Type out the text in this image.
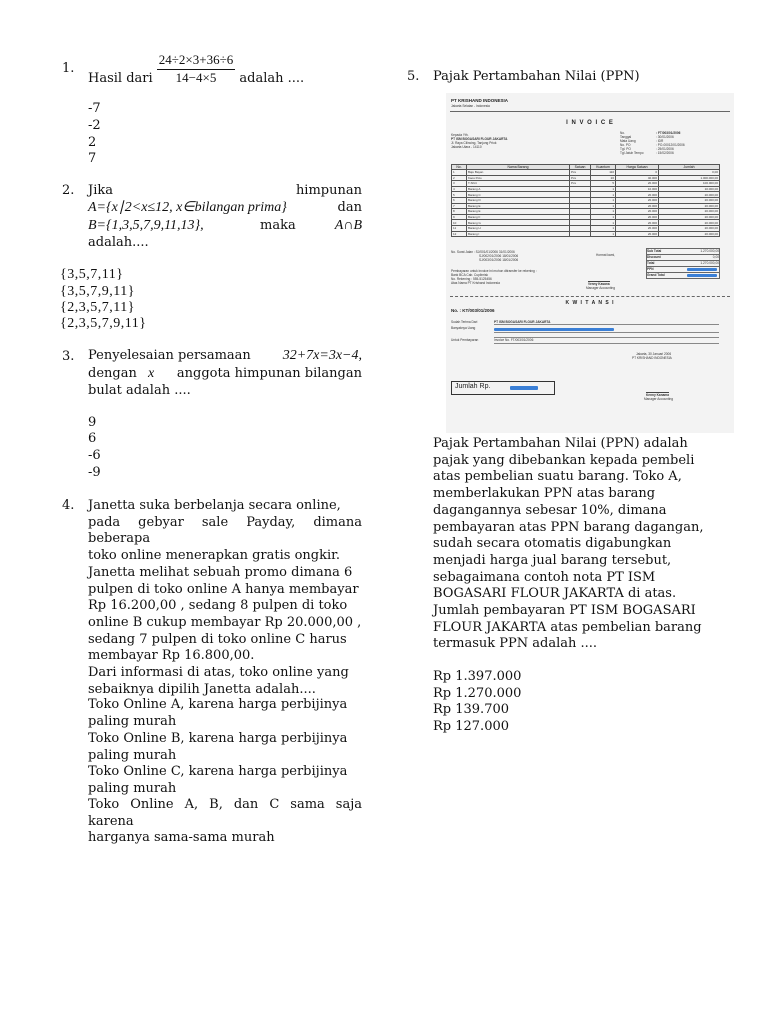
1.
Hasil dari $\frac{24\div 2\times 3+36\div 6}{14-4\times 5}$ adalah ....
-7
-2
2
7
2. Jika	himpunan
A={x∣2<x≤12, x∈bilangan prima}	dan
B={1,3,5,7,9,11,13},	maka	A∩B
adalah....
{3,5,7,11}
{3,5,7,9,11}
{2,3,5,7,11}
{2,3,5,7,9,11}
3. Penyelesaian persamaan 32+7x=3x−4,
dengan x anggota himpunan bilangan
bulat adalah ....
9
6
-6
-9
4. Janetta suka berbelanja secara online,
pada gebyar sale Payday, dimana beberapa
toko online menerapkan gratis ongkir.
Janetta melihat sebuah promo dimana 6
pulpen di toko online A hanya membayar
Rp 16.200,00 , sedang 8 pulpen di toko
online B cukup membayar Rp 20.000,00 ,
sedang 7 pulpen di toko online C harus
membayar Rp 16.800,00.
Dari informasi di atas, toko online yang
sebaiknya dipilih Janetta adalah....
Toko Online A, karena harga perbijinya
paling murah
Toko Online B, karena harga perbijinya
paling murah
Toko Online C, karena harga perbijinya
paling murah
Toko Online A, B, dan C sama saja karena
harganya sama-sama murah
5. Pajak Pertambahan Nilai (PPN)
PT KRISHAND INDONESIA
Jakarta Selatan - Indonesia
I N V O I C E
Kepada Yth.
PT ISM BOGASARI FLOUR JAKARTA
Jl. Raya Cilincing, Tanjung Priok
Jakarta Utara - 14110
No.	: FT/003/01/2006
Tanggal	: 30/01/2006
Mata Uang	: IDR
No. PO	: PO-00012/01/2006
Tgl. PO	: 25/01/2006
Tgl Jatuh Tempo	: 15/02/2006
No.	Nama Barang	Satuan	Kuantum	Harga Satuan	Jumlah
1	Baju Bayan	Pcs	110	0	0,00
2	Kaos Polo	Pcs	20	40.000	1.000.000,00
3	T-Shirt	Pcs	5	20.000	100.000,00
4	Barang A		1	10.000	10.000,00
5	Barang C		1	20.000	20.000,00
6	Barang D		1	20.000	20.000,00
7	Barang E		1	20.000	20.000,00
8	Barang E		1	20.000	20.000,00
9	Barang F		1	20.000	20.000,00
10	Barang G		1	20.000	20.000,00
11	Barang H		1	20.000	20.000,00
12	Barang I		1	20.000	20.000,00
No. Surat Jalan : SJ/001/01/2006 31/01/2006
SJ/002/01/2006 18/01/2006
SJ/003/01/2006 18/01/2006
Hormat kami,
Sub Total	1.270.000,00
Discount	0,00
Total	1.270.000,00
PPN
Grand Total
Pembayaran untuk invoice ini mohon ditransfer ke rekening :
Bank BCA Cab. Cuplinrisk
No. Rekening : 555-5125456
Atas Nama PT Krishand Indonesia	Venny Kasana
Manager Accounting
K W I T A N S I
No. : KT/003/01/2006
Sudah Terima Dari	PT ISM BOGASARI FLOUR JAKARTA
Banyaknya Uang
Untuk Pembayaran	Invoice No. FT/003/01/2006
Jakarta, 30 Januari 2006
PT KRISHAND INDONESIA
Jumlah Rp.
Kenny Kanama
Manager Accounting
Pajak Pertambahan Nilai (PPN) adalah
pajak yang dibebankan kepada pembeli
atas pembelian suatu barang. Toko A,
memberlakukan PPN atas barang
dagangannya sebesar 10%, dimana
pembayaran atas PPN barang dagangan,
sudah secara otomatis digabungkan
menjadi harga jual barang tersebut,
sebagaimana contoh nota PT ISM
BOGASARI FLOUR JAKARTA di atas.
Jumlah pembayaran PT ISM BOGASARI
FLOUR JAKARTA atas pembelian barang
termasuk PPN adalah ....
Rp 1.397.000
Rp 1.270.000
Rp 139.700
Rp 127.000
